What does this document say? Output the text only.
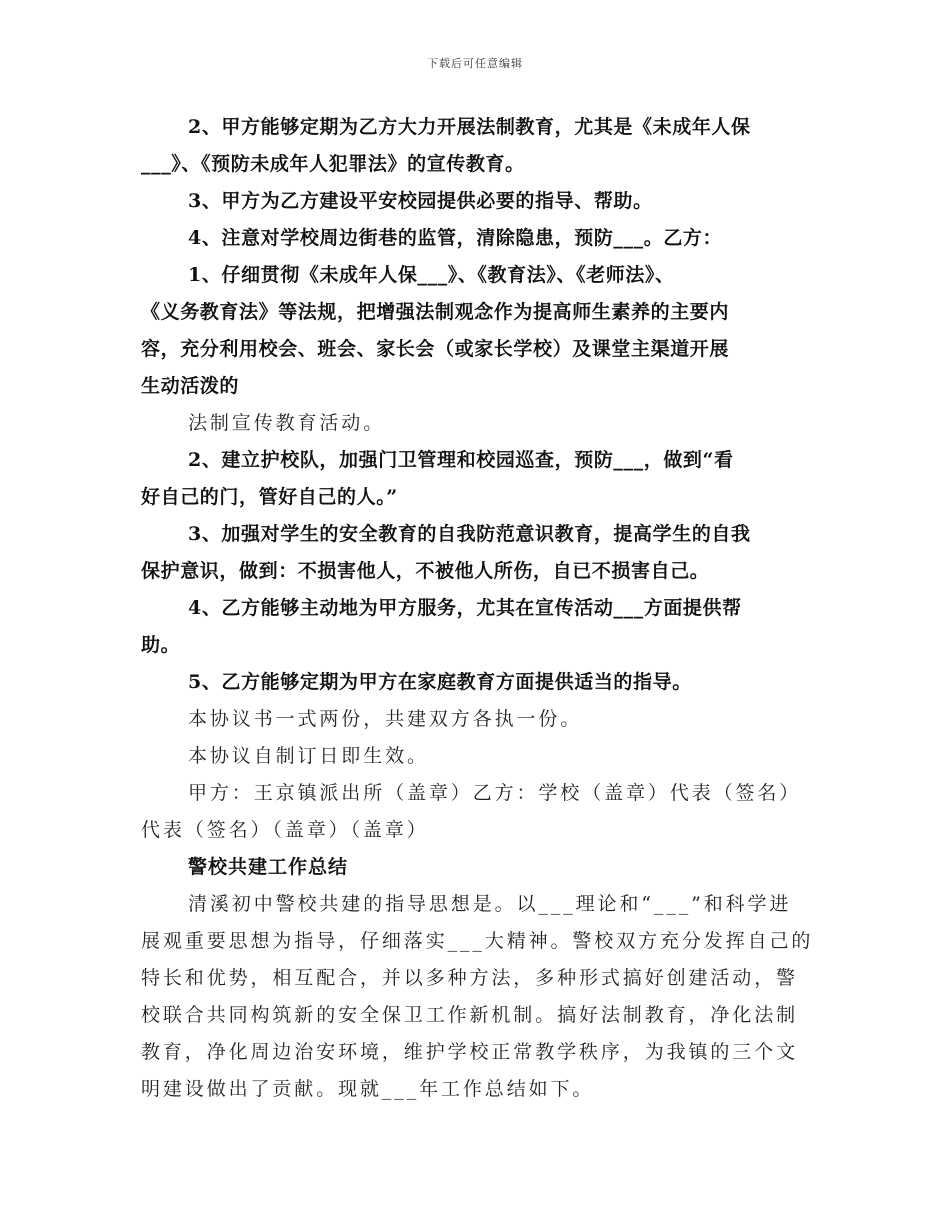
下载后可任意编辑
2、甲方能够定期为乙方大力开展法制教育，尤其是《未成年人保
___》、《预防未成年人犯罪法》的宣传教育。
3、甲方为乙方建设平安校园提供必要的指导、帮助。
4、注意对学校周边街巷的监管，清除隐患，预防___。乙方：
1、仔细贯彻《未成年人保___》、《教育法》、《老师法》、
《义务教育法》等法规，把增强法制观念作为提高师生素养的主要内
容，充分利用校会、班会、家长会（或家长学校）及课堂主渠道开展
生动活泼的
法制宣传教育活动。
2、建立护校队，加强门卫管理和校园巡查，预防___，做到“看
好自己的门，管好自己的人。”
3、加强对学生的安全教育的自我防范意识教育，提高学生的自我
保护意识，做到：不损害他人，不被他人所伤，自已不损害自己。
4、乙方能够主动地为甲方服务，尤其在宣传活动___方面提供帮
助。
5、乙方能够定期为甲方在家庭教育方面提供适当的指导。
本协议书一式两份，共建双方各执一份。
本协议自制订日即生效。
甲方：王京镇派出所（盖章）乙方：学校（盖章）代表（签名）
代表（签名）（盖章）（盖章）
警校共建工作总结
清溪初中警校共建的指导思想是。以___理论和“___”和科学进
展观重要思想为指导，仔细落实___大精神。警校双方充分发挥自己的
特长和优势，相互配合，并以多种方法，多种形式搞好创建活动，警
校联合共同构筑新的安全保卫工作新机制。搞好法制教育，净化法制
教育，净化周边治安环境，维护学校正常教学秩序，为我镇的三个文
明建设做出了贡献。现就___年工作总结如下。
